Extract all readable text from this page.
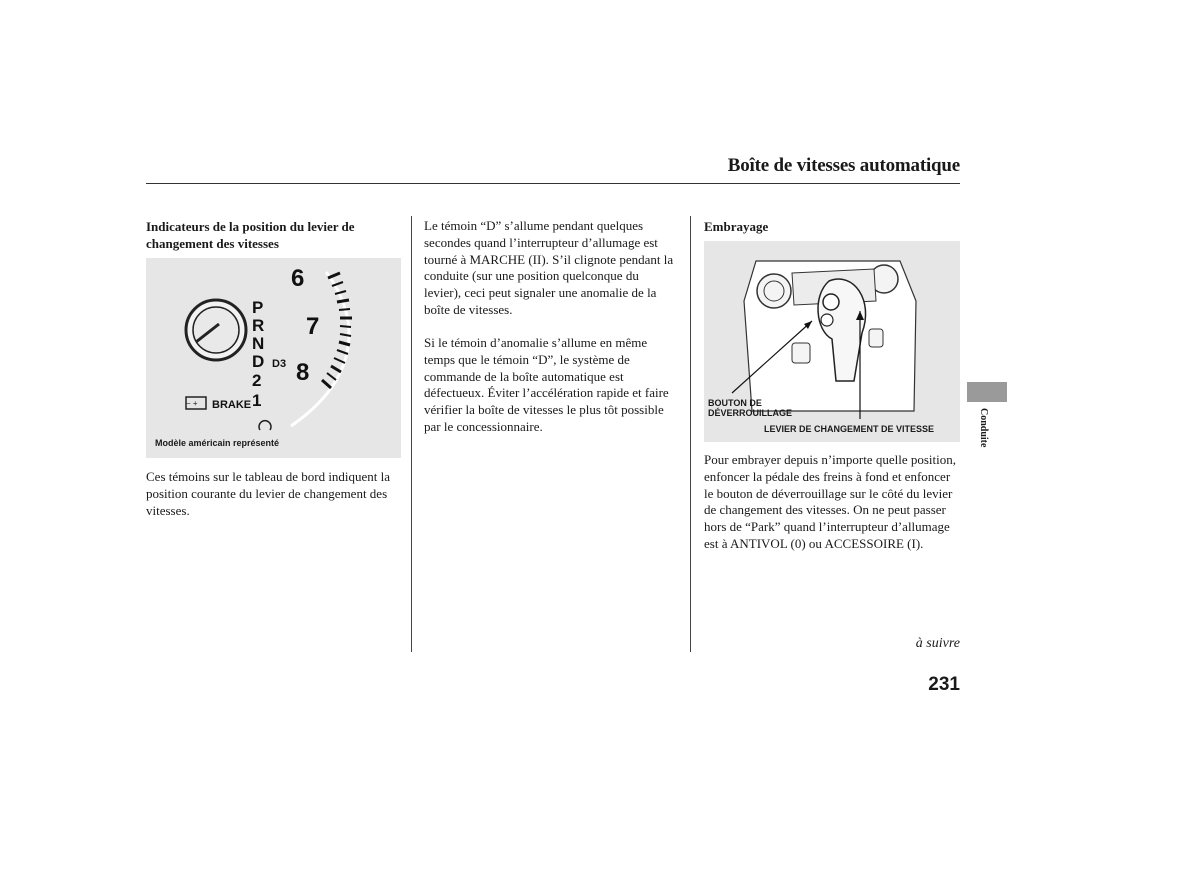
Boîte de vitesses automatique
Indicateurs de la position du levier de changement des vitesses
P
R
N
D
2
1
D3
− + BRAKE
6
7
8
Modèle américain représenté
Ces témoins sur le tableau de bord indiquent la position courante du levier de changement des vitesses.
Le témoin “D” s’allume pendant quelques secondes quand l’interrupteur d’allumage est tourné à MARCHE (II). S’il clignote pendant la conduite (sur une position quelconque du levier), ceci peut signaler une anomalie de la boîte de vitesses.
Si le témoin d’anomalie s’allume en même temps que le témoin “D”, le système de commande de la boîte automatique est défectueux. Éviter l’accélération rapide et faire vérifier la boîte de vitesses le plus tôt possible par le concessionnaire.
Embrayage
BOUTON DE
DÉVERROUILLAGE
LEVIER DE CHANGEMENT DE VITESSE
Pour embrayer depuis n’importe quelle position, enfoncer la pédale des freins à fond et enfoncer le bouton de déverrouillage sur le côté du levier de changement des vitesses. On ne peut passer hors de “Park” quand l’interrupteur d’allumage est à ANTIVOL (0) ou ACCESSOIRE (I).
Conduite
à suivre
231
